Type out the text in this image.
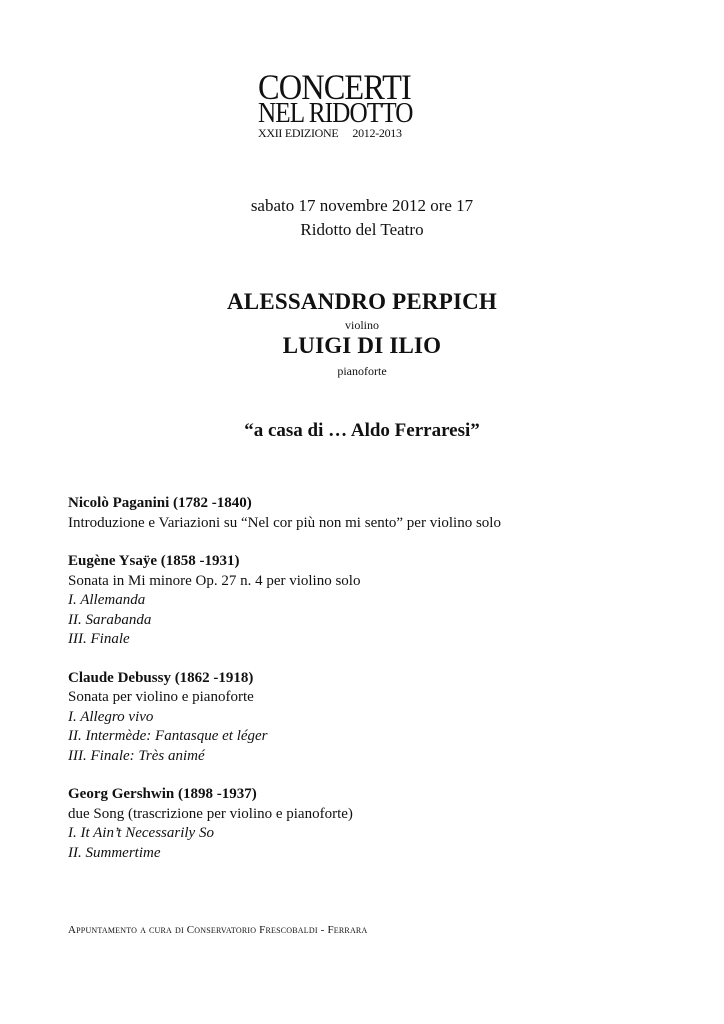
CONCERTI
NEL RIDOTTO
XXII EDIZIONE 2012-2013
sabato 17 novembre 2012 ore 17
Ridotto del Teatro
ALESSANDRO PERPICH
violino
LUIGI DI ILIO
pianoforte
“a casa di … Aldo Ferraresi”
Nicolò Paganini (1782 -1840)
Introduzione e Variazioni su “Nel cor più non mi sento” per violino solo
Eugène Ysaÿe (1858 -1931)
Sonata in Mi minore Op. 27 n. 4 per violino solo
I. Allemanda
II. Sarabanda
III. Finale
Claude Debussy (1862 -1918)
Sonata per violino e pianoforte
I. Allegro vivo
II. Intermède: Fantasque et léger
III. Finale: Très animé
Georg Gershwin (1898 -1937)
due Song (trascrizione per violino e pianoforte)
I. It Ain’t Necessarily So
II. Summertime
Appuntamento a cura di Conservatorio Frescobaldi - Ferrara
